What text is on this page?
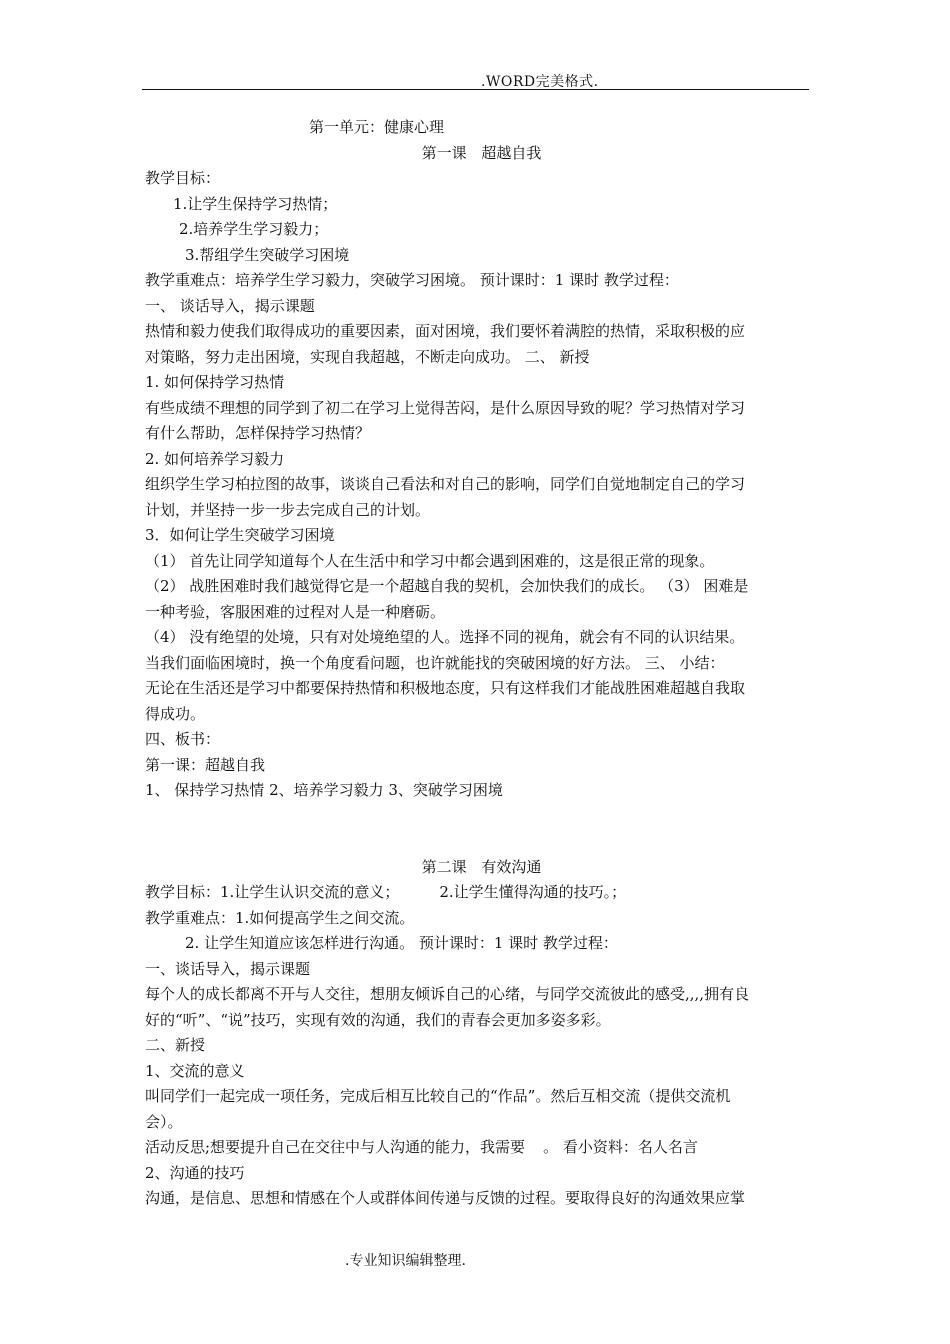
.WORD完美格式.
第一单元：健康心理
第一课 超越自我
教学目标：
1.让学生保持学习热情；
2.培养学生学习毅力；
3.帮组学生突破学习困境
教学重难点：培养学生学习毅力，突破学习困境。 预计课时：1 课时 教学过程：
一、 谈话导入，揭示课题
热情和毅力使我们取得成功的重要因素，面对困境，我们要怀着满腔的热情，采取积极的应
对策略，努力走出困境，实现自我超越，不断走向成功。 二、 新授
1. 如何保持学习热情
有些成绩不理想的同学到了初二在学习上觉得苦闷，是什么原因导致的呢？学习热情对学习
有什么帮助，怎样保持学习热情？
2. 如何培养学习毅力
组织学生学习柏拉图的故事，谈谈自己看法和对自己的影响，同学们自觉地制定自己的学习
计划，并坚持一步一步去完成自己的计划。
3．如何让学生突破学习困境
（1） 首先让同学知道每个人在生活中和学习中都会遇到困难的，这是很正常的现象。
（2） 战胜困难时我们越觉得它是一个超越自我的契机，会加快我们的成长。 （3） 困难是
一种考验，客服困难的过程对人是一种磨砺。
（4） 没有绝望的处境，只有对处境绝望的人。选择不同的视角，就会有不同的认识结果。
当我们面临困境时，换一个角度看问题，也许就能找的突破困境的好方法。 三、 小结：
无论在生活还是学习中都要保持热情和积极地态度，只有这样我们才能战胜困难超越自我取
得成功。
四、板书：
第一课：超越自我
1、 保持学习热情 2、培养学习毅力 3、突破学习困境
第二课 有效沟通
教学目标：1.让学生认识交流的意义；	2.让学生懂得沟通的技巧。；
教学重难点：1.如何提高学生之间交流。
2. 让学生知道应该怎样进行沟通。 预计课时：1 课时 教学过程：
一、谈话导入，揭示课题
每个人的成长都离不开与人交往，想朋友倾诉自己的心绪，与同学交流彼此的感受,,,,拥有良
好的“听”、“说”技巧，实现有效的沟通，我们的青春会更加多姿多彩。
二、新授
1、交流的意义
叫同学们一起完成一项任务，完成后相互比较自己的“作品”。然后互相交流（提供交流机
会）。
活动反思;想要提升自己在交往中与人沟通的能力，我需要 。 看小资料：名人名言
2、沟通的技巧
沟通，是信息、思想和情感在个人或群体间传递与反馈的过程。要取得良好的沟通效果应掌
.专业知识编辑整理.
